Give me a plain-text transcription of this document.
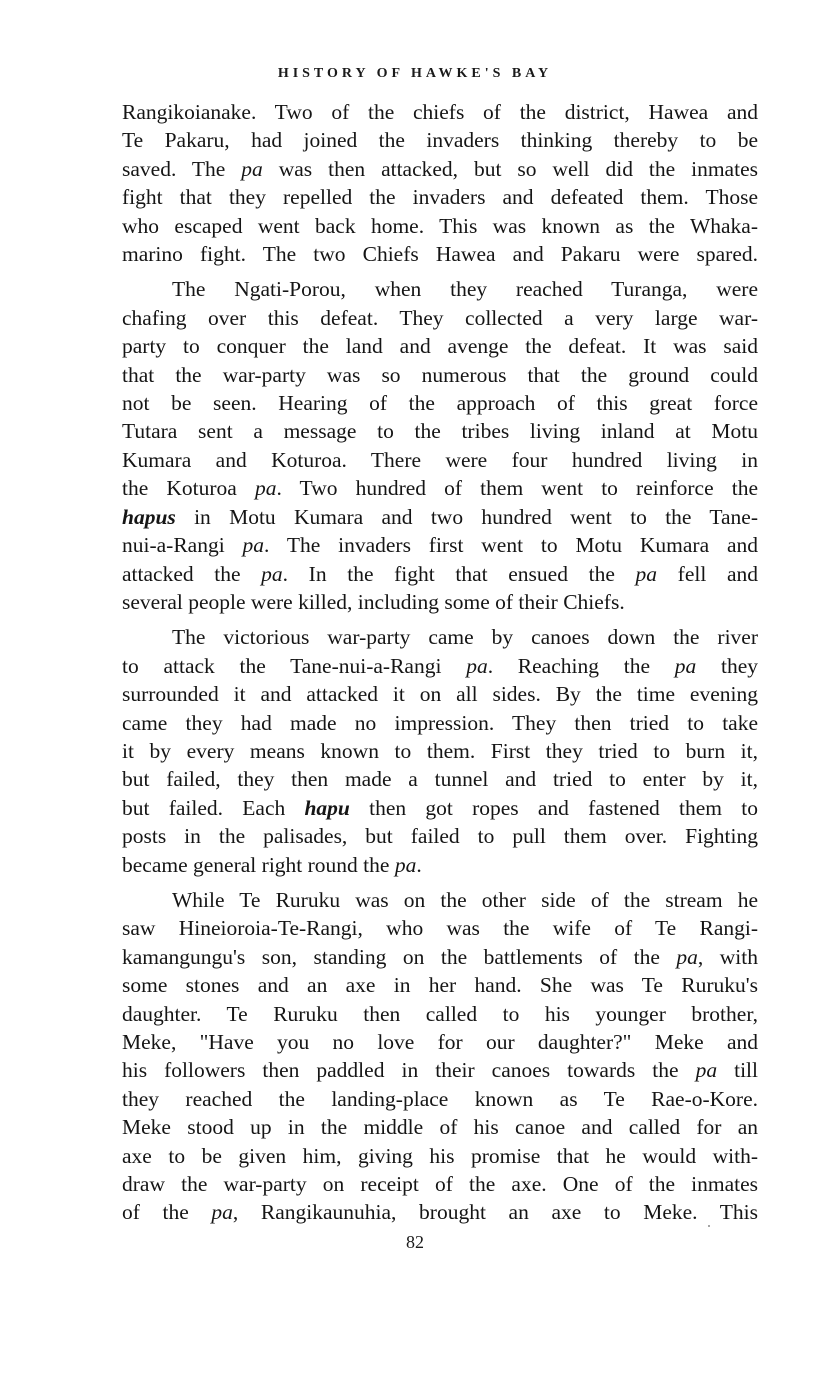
HISTORY OF HAWKE'S BAY

Rangikoianake. Two of the chiefs of the district, Hawea and
Te Pakaru, had joined the invaders thinking thereby to be
saved. The pa was then attacked, but so well did the inmates
fight that they repelled the invaders and defeated them. Those
who escaped went back home. This was known as the Whaka-
marino fight. The two Chiefs Hawea and Pakaru were spared.

The Ngati-Porou, when they reached Turanga, were
chafing over this defeat. They collected a very large war-
party to conquer the land and avenge the defeat. It was said
that the war-party was so numerous that the ground could
not be seen. Hearing of the approach of this great force
Tutara sent a message to the tribes living inland at Motu
Kumara and Koturoa. There were four hundred living in
the Koturoa pa. Two hundred of them went to reinforce the
hapus in Motu Kumara and two hundred went to the Tane-
nui-a-Rangi pa. The invaders first went to Motu Kumara and
attacked the pa. In the fight that ensued the pa fell and
several people were killed, including some of their Chiefs.

The victorious war-party came by canoes down the river
to attack the Tane-nui-a-Rangi pa. Reaching the pa they
surrounded it and attacked it on all sides. By the time evening
came they had made no impression. They then tried to take
it by every means known to them. First they tried to burn it,
but failed, they then made a tunnel and tried to enter by it,
but failed. Each hapu then got ropes and fastened them to
posts in the palisades, but failed to pull them over. Fighting
became general right round the pa.

While Te Ruruku was on the other side of the stream he
saw Hineioroia-Te-Rangi, who was the wife of Te Rangi-
kamangungu's son, standing on the battlements of the pa, with
some stones and an axe in her hand. She was Te Ruruku's
daughter. Te Ruruku then called to his younger brother,
Meke, "Have you no love for our daughter?" Meke and
his followers then paddled in their canoes towards the pa till
they reached the landing-place known as Te Rae-o-Kore.
Meke stood up in the middle of his canoe and called for an
axe to be given him, giving his promise that he would with-
draw the war-party on receipt of the axe. One of the inmates
of the pa, Rangikaunuhia, brought an axe to Meke. This

82
